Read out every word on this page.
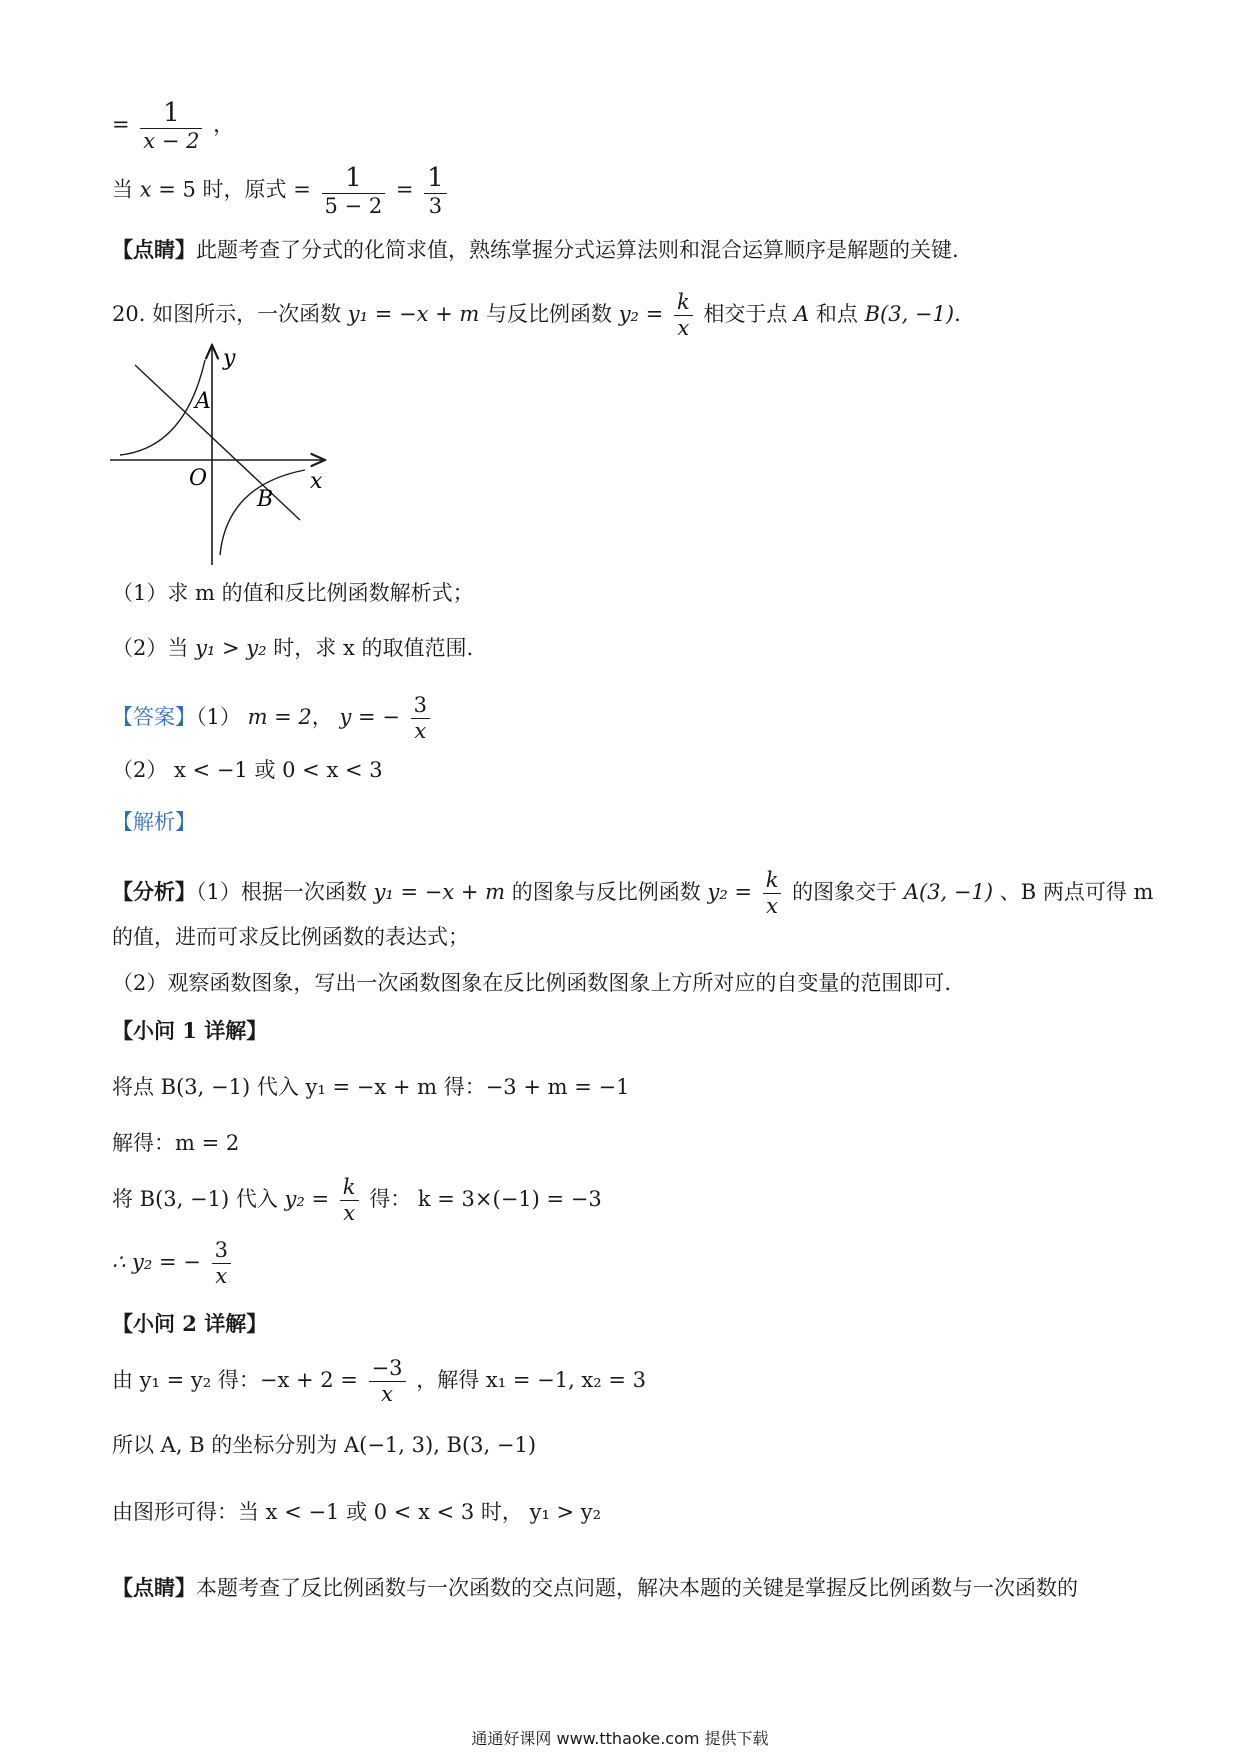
= $\frac{1}{x - 2}$ ，
当 x = 5 时，原式 = $\frac{1}{5 - 2} = \frac{1}{3}$
【点睛】此题考查了分式的化简求值，熟练掌握分式运算法则和混合运算顺序是解题的关键.
20. 如图所示，一次函数 y₁ = −x + m 与反比例函数 $y_2 = \frac{k}{x}$ 相交于点 A 和点 B(3, −1).
y
x
O
A
B
（1）求 m 的值和反比例函数解析式；
（2）当 y₁ > y₂ 时，求 x 的取值范围.
【答案】（1） m = 2， y = − $\frac{3}{x}$
（2） x < −1 或 0 < x < 3
【解析】
【分析】（1）根据一次函数 y₁ = −x + m 的图象与反比例函数 $y_2 = \frac{k}{x}$ 的图象交于 A(3, −1) 、B 两点可得 m
的值，进而可求反比例函数的表达式；
（2）观察函数图象，写出一次函数图象在反比例函数图象上方所对应的自变量的范围即可.
【小问 1 详解】
将点 B(3, −1) 代入 y₁ = −x + m 得：−3 + m = −1
解得：m = 2
将 B(3, −1) 代入 $y_2 = \frac{k}{x}$ 得： k = 3×(−1) = −3
∴ y₂ = − $\frac{3}{x}$
【小问 2 详解】
由 y₁ = y₂ 得：$-x + 2 = \frac{-3}{x}$ ，解得 x₁ = −1, x₂ = 3
所以 A, B 的坐标分别为 A(−1, 3), B(3, −1)
由图形可得：当 x < −1 或 0 < x < 3 时， y₁ > y₂
【点睛】本题考查了反比例函数与一次函数的交点问题，解决本题的关键是掌握反比例函数与一次函数的
通通好课网 www.tthaoke.com 提供下载
